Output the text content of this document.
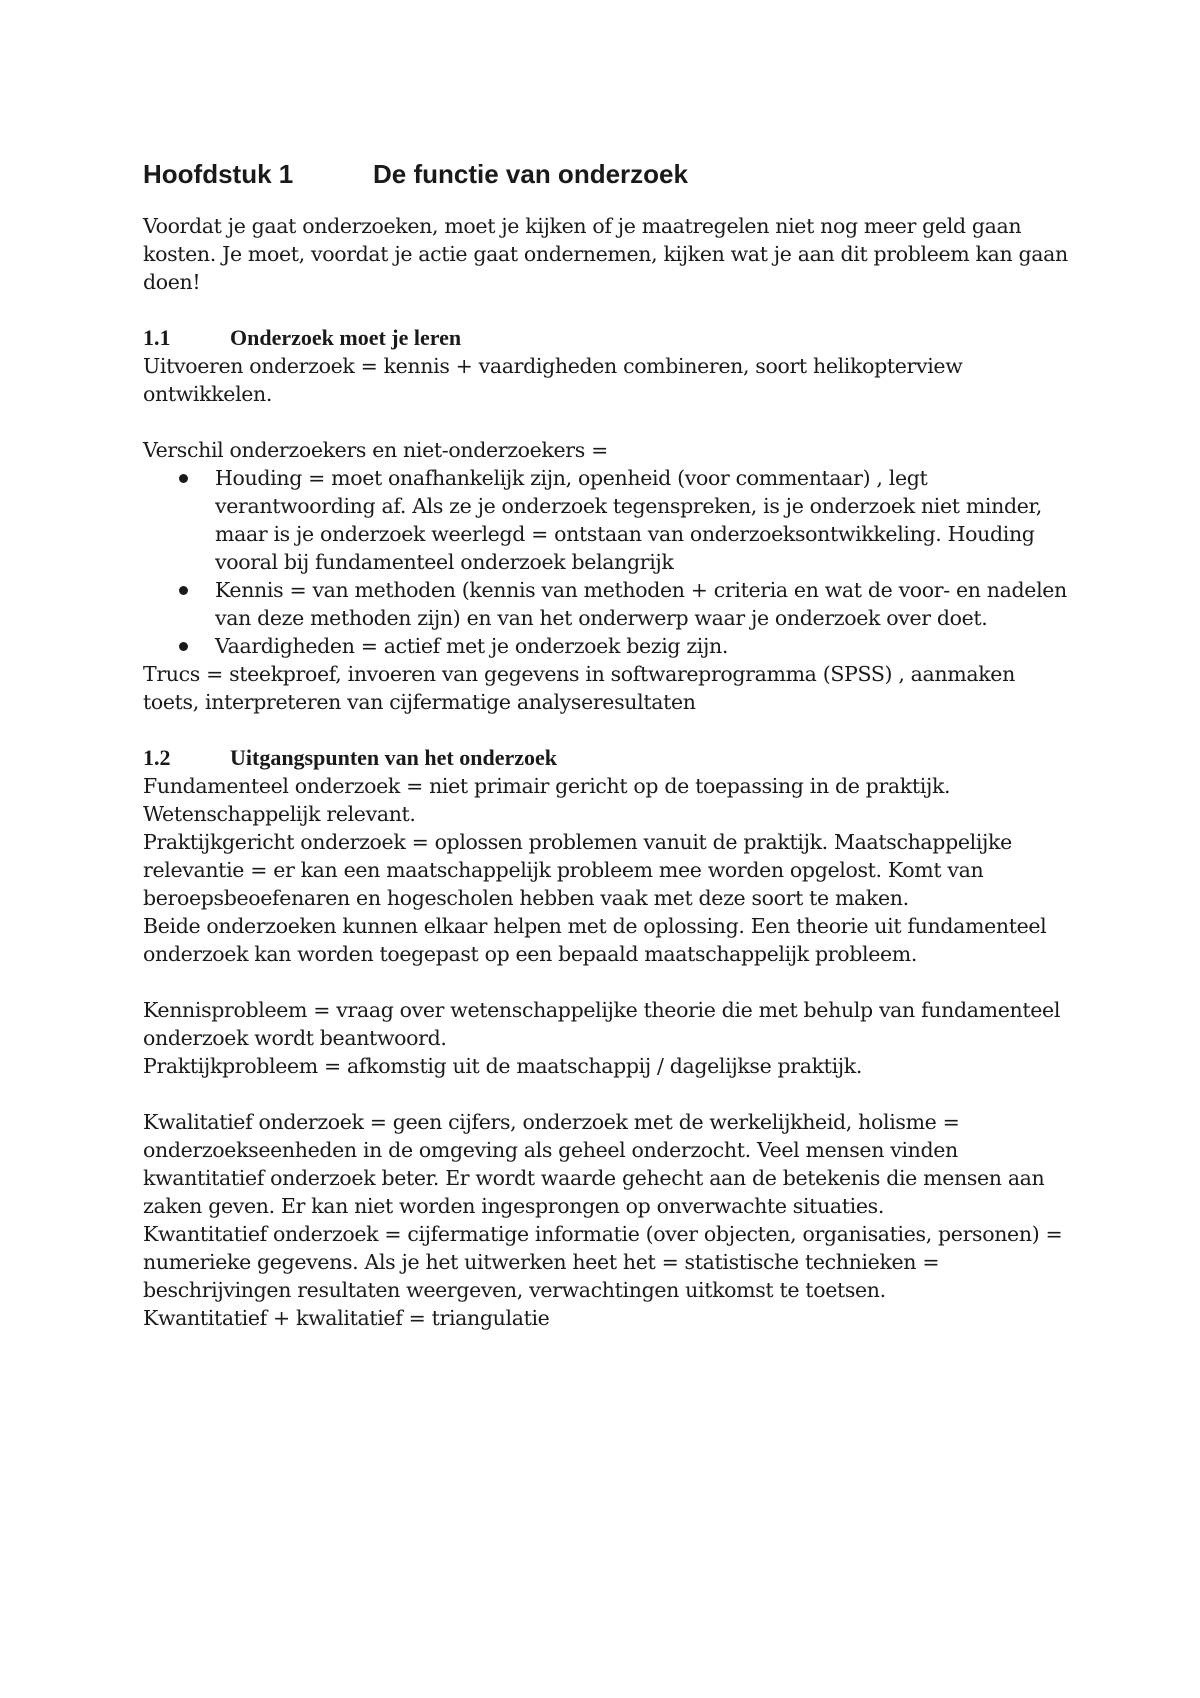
Hoofdstuk 1	De functie van onderzoek

Voordat je gaat onderzoeken, moet je kijken of je maatregelen niet nog meer geld gaan kosten. Je moet, voordat je actie gaat ondernemen, kijken wat je aan dit probleem kan gaan doen!

1.1	Onderzoek moet je leren

Uitvoeren onderzoek = kennis + vaardigheden combineren, soort helikopterview ontwikkelen.

Verschil onderzoekers en niet-onderzoekers =

Houding = moet onafhankelijk zijn, openheid (voor commentaar) , legt verantwoording af. Als ze je onderzoek tegenspreken, is je onderzoek niet minder, maar is je onderzoek weerlegd = ontstaan van onderzoeksontwikkeling. Houding vooral bij fundamenteel onderzoek belangrijk
Kennis = van methoden (kennis van methoden + criteria en wat de voor- en nadelen van deze methoden zijn) en van het onderwerp waar je onderzoek over doet.
Vaardigheden = actief met je onderzoek bezig zijn.

Trucs = steekproef, invoeren van gegevens in softwareprogramma (SPSS) , aanmaken toets, interpreteren van cijfermatige analyseresultaten

1.2	Uitgangspunten van het onderzoek

Fundamenteel onderzoek = niet primair gericht op de toepassing in de praktijk. Wetenschappelijk relevant.

Praktijkgericht onderzoek = oplossen problemen vanuit de praktijk. Maatschappelijke relevantie = er kan een maatschappelijk probleem mee worden opgelost. Komt van beroepsbeoefenaren en hogescholen hebben vaak met deze soort te maken.

Beide onderzoeken kunnen elkaar helpen met de oplossing. Een theorie uit fundamenteel onderzoek kan worden toegepast op een bepaald maatschappelijk probleem.

Kennisprobleem = vraag over wetenschappelijke theorie die met behulp van fundamenteel onderzoek wordt beantwoord.

Praktijkprobleem = afkomstig uit de maatschappij / dagelijkse praktijk.

Kwalitatief onderzoek = geen cijfers, onderzoek met de werkelijkheid, holisme = onderzoekseenheden in de omgeving als geheel onderzocht. Veel mensen vinden kwantitatief onderzoek beter. Er wordt waarde gehecht aan de betekenis die mensen aan zaken geven. Er kan niet worden ingesprongen op onverwachte situaties.

Kwantitatief onderzoek = cijfermatige informatie (over objecten, organisaties, personen) = numerieke gegevens. Als je het uitwerken heet het = statistische technieken = beschrijvingen resultaten weergeven, verwachtingen uitkomst te toetsen.

Kwantitatief + kwalitatief = triangulatie
